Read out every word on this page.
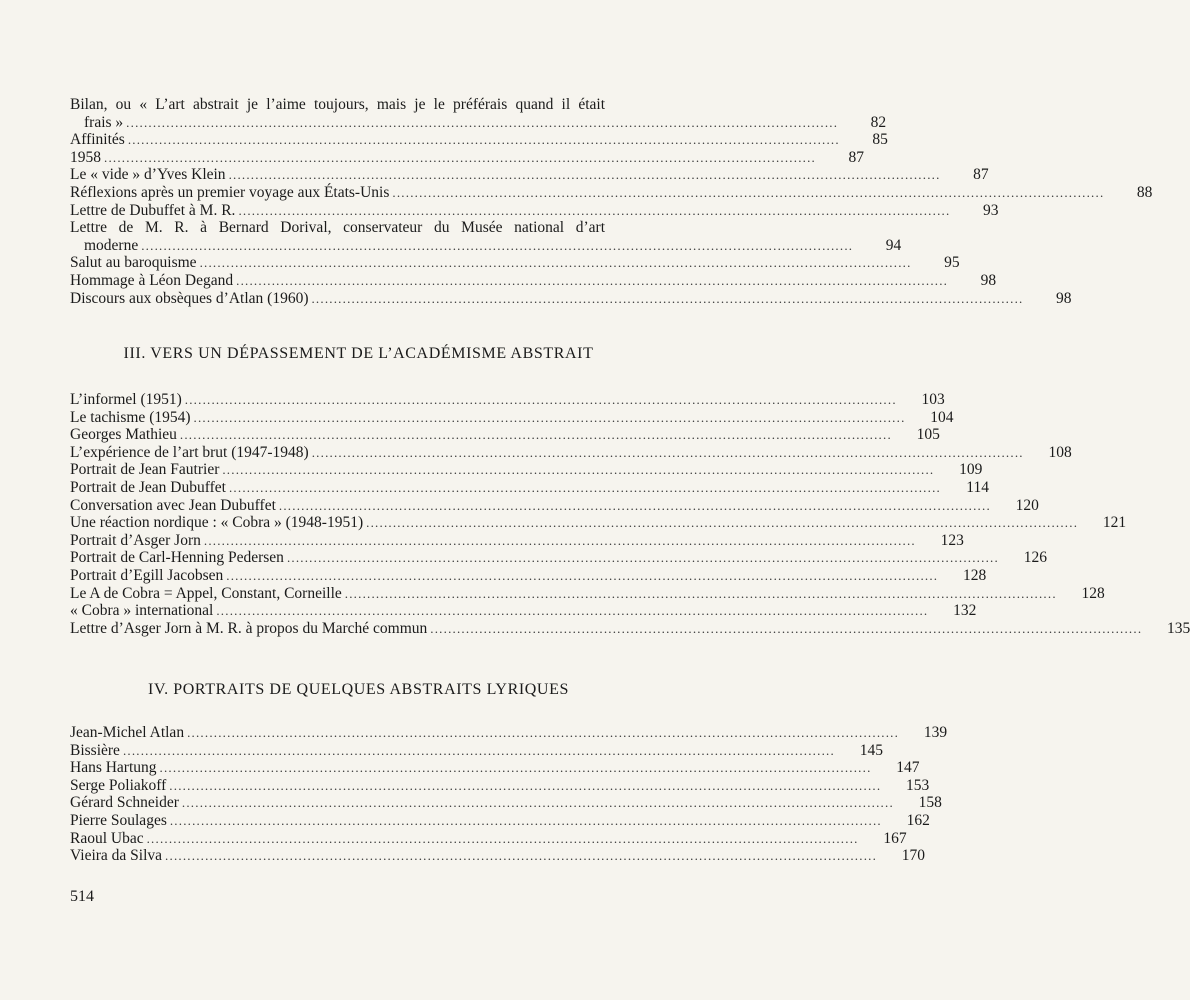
Bilan, ou « L’art abstrait je l’aime toujours, mais je le préférais quand il était
frais » ................................................................................................................................................................	82
Affinités ................................................................................................................................................................	85
1958 ................................................................................................................................................................	87
Le « vide » d’Yves Klein ................................................................................................................................................................	87
Réflexions après un premier voyage aux États-Unis ................................................................................................................................................................	88
Lettre de Dubuffet à M. R. ................................................................................................................................................................	93
Lettre de M. R. à Bernard Dorival, conservateur du Musée national d’art
moderne ................................................................................................................................................................	94
Salut au baroquisme ................................................................................................................................................................	95
Hommage à Léon Degand ................................................................................................................................................................	98
Discours aux obsèques d’Atlan (1960) ................................................................................................................................................................	98
III. VERS UN DÉPASSEMENT DE L’ACADÉMISME ABSTRAIT
L’informel (1951) ................................................................................................................................................................	103
Le tachisme (1954) ................................................................................................................................................................	104
Georges Mathieu ................................................................................................................................................................	105
L’expérience de l’art brut (1947-1948) ................................................................................................................................................................	108
Portrait de Jean Fautrier ................................................................................................................................................................	109
Portrait de Jean Dubuffet ................................................................................................................................................................	114
Conversation avec Jean Dubuffet ................................................................................................................................................................	120
Une réaction nordique : « Cobra » (1948-1951) ................................................................................................................................................................	121
Portrait d’Asger Jorn ................................................................................................................................................................	123
Portrait de Carl-Henning Pedersen ................................................................................................................................................................	126
Portrait d’Egill Jacobsen ................................................................................................................................................................	128
Le A de Cobra = Appel, Constant, Corneille ................................................................................................................................................................	128
« Cobra » international ................................................................................................................................................................	132
Lettre d’Asger Jorn à M. R. à propos du Marché commun ................................................................................................................................................................	135
IV. PORTRAITS DE QUELQUES ABSTRAITS LYRIQUES
Jean-Michel Atlan ................................................................................................................................................................	139
Bissière ................................................................................................................................................................	145
Hans Hartung ................................................................................................................................................................	147
Serge Poliakoff ................................................................................................................................................................	153
Gérard Schneider ................................................................................................................................................................	158
Pierre Soulages ................................................................................................................................................................	162
Raoul Ubac ................................................................................................................................................................	167
Vieira da Silva ................................................................................................................................................................	170
514
